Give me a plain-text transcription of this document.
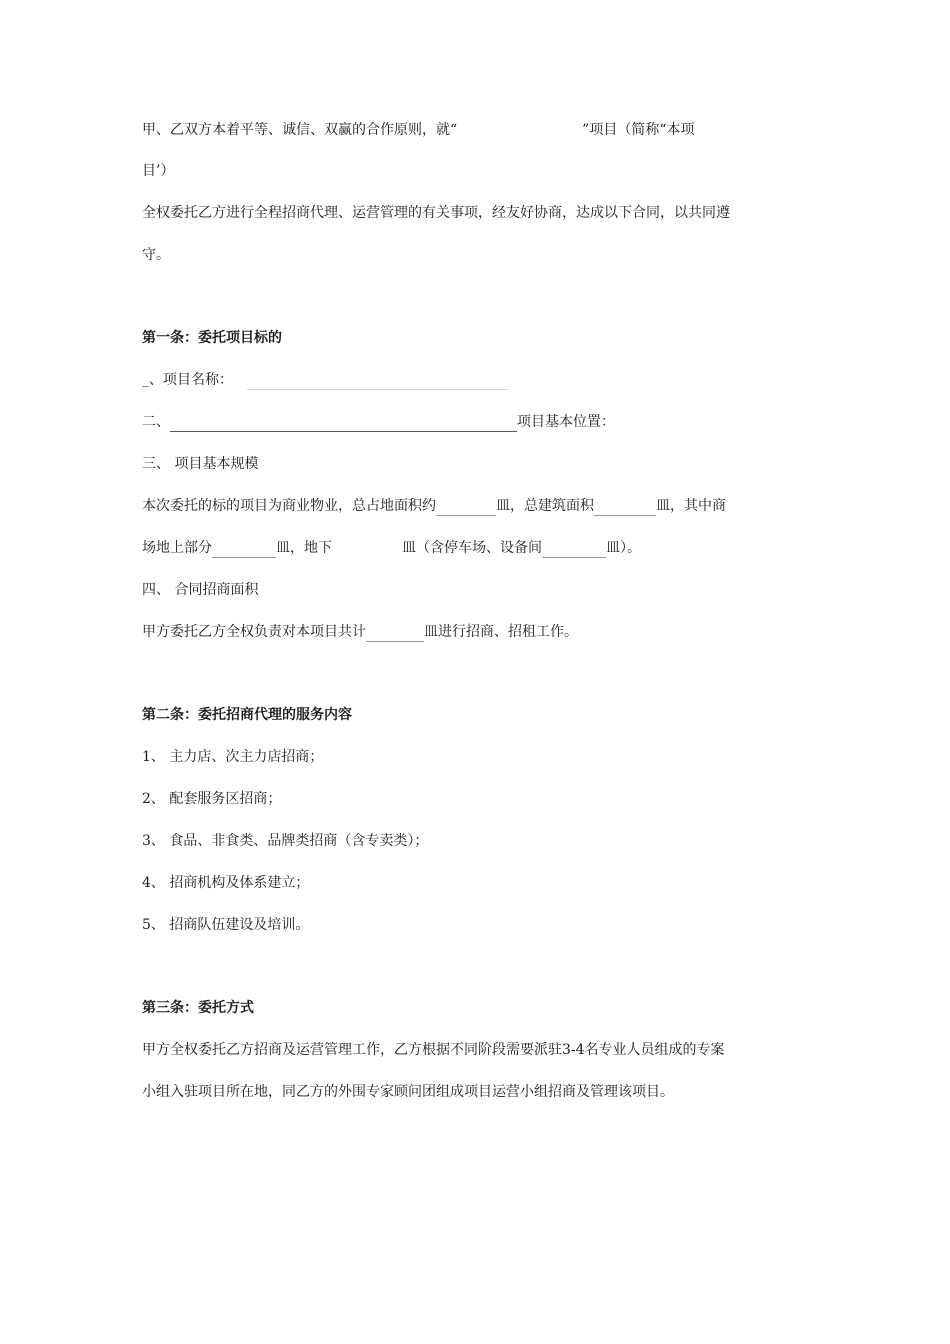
甲、乙双方本着平等、诚信、双赢的合作原则，就“	”项目（简称“本项
目’）
全权委托乙方进行全程招商代理、运营管理的有关事项，经友好协商，达成以下合同，以共同遵
守。
第一条：委托项目标的
_、项目名称：
二、	项目基本位置：
三、 项目基本规模
本次委托的标的项目为商业物业，总占地面积约	皿，总建筑面积	皿，其中商
场地上部分	皿，地下	皿（含停车场、设备间	皿）。
四、 合同招商面积
甲方委托乙方全权负责对本项目共计	皿进行招商、招租工作。
第二条：委托招商代理的服务内容
1、 主力店、次主力店招商；
2、 配套服务区招商；
3、 食品、非食类、品牌类招商（含专卖类）；
4、 招商机构及体系建立；
5、 招商队伍建设及培训。
第三条：委托方式
甲方全权委托乙方招商及运营管理工作，乙方根据不同阶段需要派驻3-4名专业人员组成的专案
小组入驻项目所在地，同乙方的外围专家顾问团组成项目运营小组招商及管理该项目。
